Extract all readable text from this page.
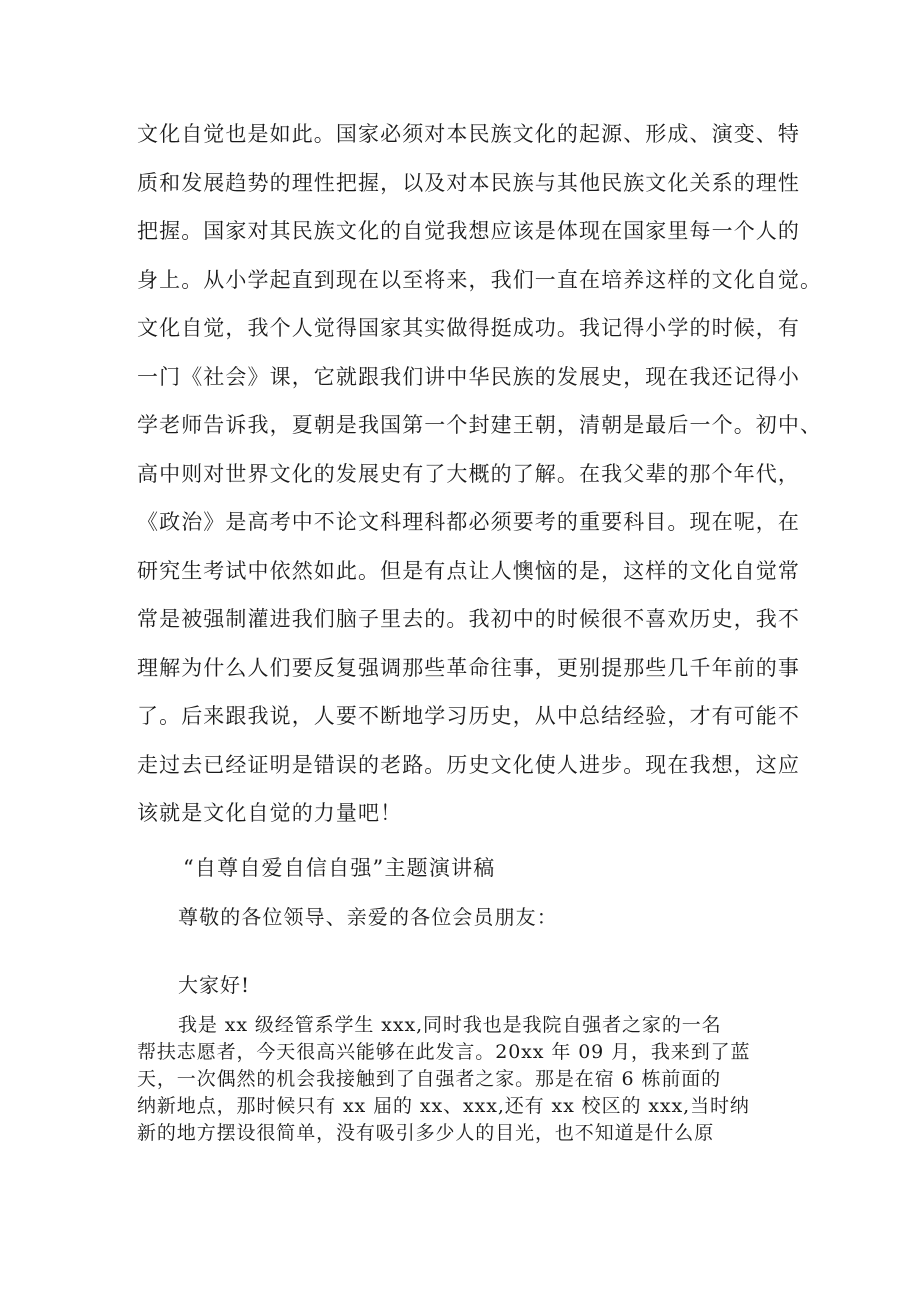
文化自觉也是如此。国家必须对本民族文化的起源、形成、演变、特
质和发展趋势的理性把握，以及对本民族与其他民族文化关系的理性
把握。国家对其民族文化的自觉我想应该是体现在国家里每一个人的
身上。从小学起直到现在以至将来，我们一直在培养这样的文化自觉。
文化自觉，我个人觉得国家其实做得挺成功。我记得小学的时候，有
一门《社会》课，它就跟我们讲中华民族的发展史，现在我还记得小
学老师告诉我，夏朝是我国第一个封建王朝，清朝是最后一个。初中、
高中则对世界文化的发展史有了大概的了解。在我父辈的那个年代，
《政治》是高考中不论文科理科都必须要考的重要科目。现在呢，在
研究生考试中依然如此。但是有点让人懊恼的是，这样的文化自觉常
常是被强制灌进我们脑子里去的。我初中的时候很不喜欢历史，我不
理解为什么人们要反复强调那些革命往事，更别提那些几千年前的事
了。后来跟我说，人要不断地学习历史，从中总结经验，才有可能不
走过去已经证明是错误的老路。历史文化使人进步。现在我想，这应
该就是文化自觉的力量吧！
“自尊自爱自信自强”主题演讲稿
尊敬的各位领导、亲爱的各位会员朋友：
大家好!
我是 xx 级经管系学生 xxx,同时我也是我院自强者之家的一名
帮扶志愿者，今天很高兴能够在此发言。20xx 年 09 月，我来到了蓝
天，一次偶然的机会我接触到了自强者之家。那是在宿 6 栋前面的
纳新地点，那时候只有 xx 届的 xx、xxx,还有 xx 校区的 xxx,当时纳
新的地方摆设很简单，没有吸引多少人的目光，也不知道是什么原
